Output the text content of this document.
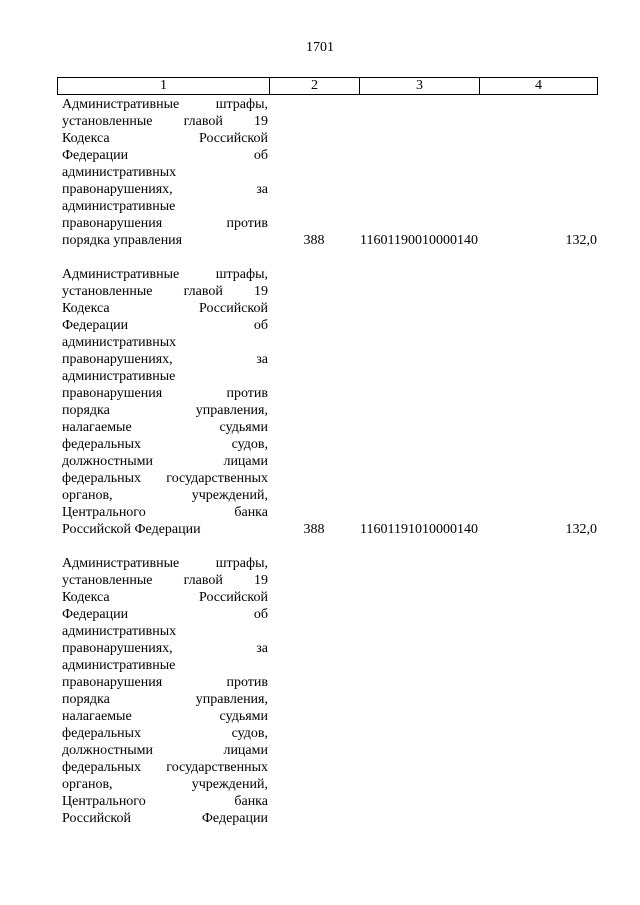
1701
1	2	3	4
Административные штрафы,
установленные главой 19
Кодекса Российской
Федерации об
административных
правонарушениях, за
административные
правонарушения против
порядка управления	388	11601190010000140	132,0
Административные штрафы,
установленные главой 19
Кодекса Российской
Федерации об
административных
правонарушениях, за
административные
правонарушения против
порядка управления,
налагаемые судьями
федеральных судов,
должностными лицами
федеральных государственных
органов, учреждений,
Центрального банка
Российской Федерации	388	11601191010000140	132,0
Административные штрафы,
установленные главой 19
Кодекса Российской
Федерации об
административных
правонарушениях, за
административные
правонарушения против
порядка управления,
налагаемые судьями
федеральных судов,
должностными лицами
федеральных государственных
органов, учреждений,
Центрального банка
Российской Федерации
